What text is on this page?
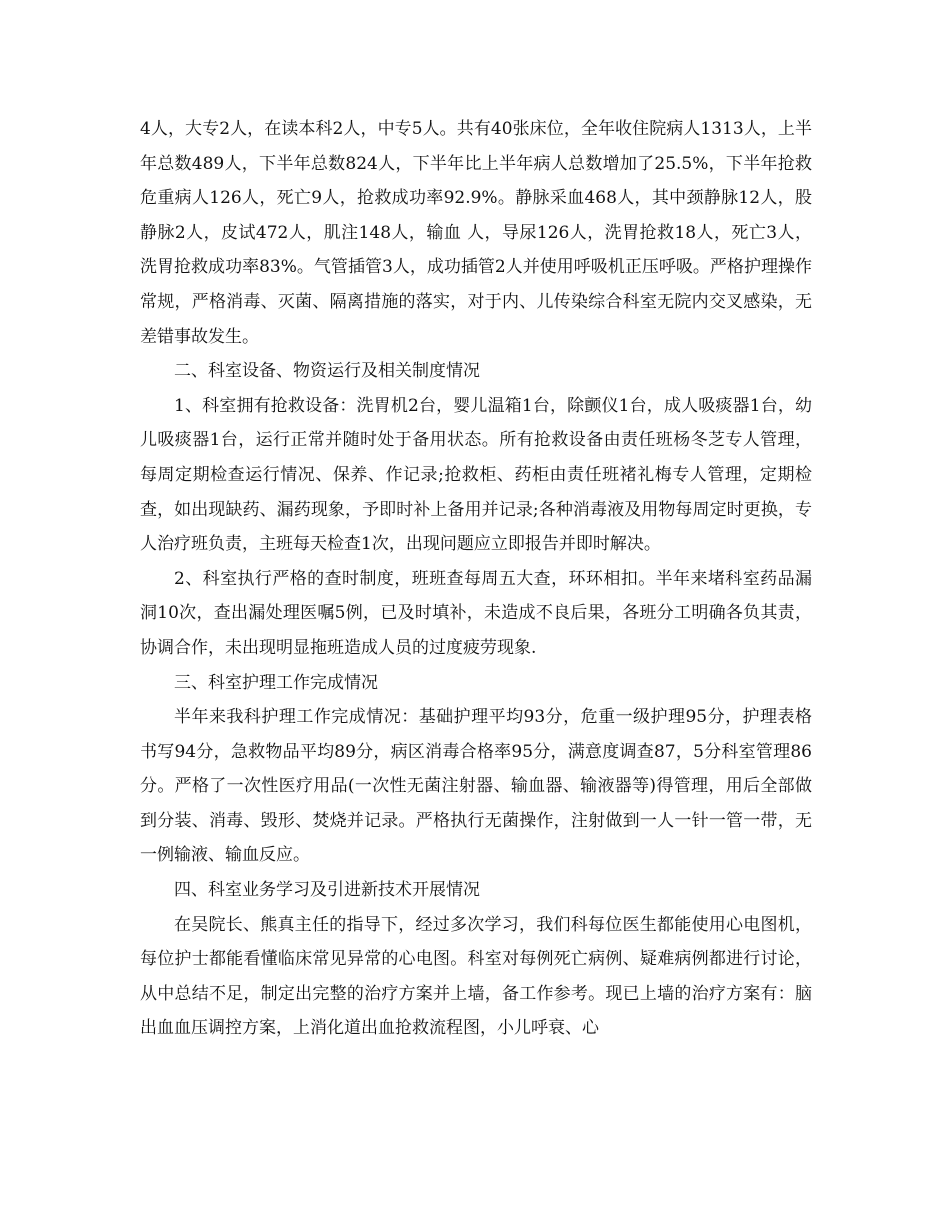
4人，大专2人，在读本科2人，中专5人。共有40张床位，全年收住院病人1313人，上半年总数489人，下半年总数824人，下半年比上半年病人总数增加了25.5%，下半年抢救危重病人126人，死亡9人，抢救成功率92.9%。静脉采血468人，其中颈静脉12人，股静脉2人，皮试472人，肌注148人，输血 人，导尿126人，洗胃抢救18人，死亡3人，洗胃抢救成功率83%。气管插管3人，成功插管2人并使用呼吸机正压呼吸。严格护理操作常规，严格消毒、灭菌、隔离措施的落实，对于内、儿传染综合科室无院内交叉感染，无差错事故发生。

二、科室设备、物资运行及相关制度情况

1、科室拥有抢救设备：洗胃机2台，婴儿温箱1台，除颤仪1台，成人吸痰器1台，幼儿吸痰器1台，运行正常并随时处于备用状态。所有抢救设备由责任班杨冬芝专人管理，每周定期检查运行情况、保养、作记录;抢救柜、药柜由责任班褚礼梅专人管理，定期检查，如出现缺药、漏药现象，予即时补上备用并记录;各种消毒液及用物每周定时更换，专人治疗班负责，主班每天检查1次，出现问题应立即报告并即时解决。

2、科室执行严格的查时制度，班班查每周五大查，环环相扣。半年来堵科室药品漏洞10次，查出漏处理医嘱5例，已及时填补，未造成不良后果，各班分工明确各负其责，协调合作，未出现明显拖班造成人员的过度疲劳现象.

三、科室护理工作完成情况

半年来我科护理工作完成情况：基础护理平均93分，危重一级护理95分，护理表格书写94分，急救物品平均89分，病区消毒合格率95分，满意度调查87，5分科室管理86分。严格了一次性医疗用品(一次性无菌注射器、输血器、输液器等)得管理，用后全部做到分装、消毒、毁形、焚烧并记录。严格执行无菌操作，注射做到一人一针一管一带，无一例输液、输血反应。

四、科室业务学习及引进新技术开展情况

在吴院长、熊真主任的指导下，经过多次学习，我们科每位医生都能使用心电图机，每位护士都能看懂临床常见异常的心电图。科室对每例死亡病例、疑难病例都进行讨论，从中总结不足，制定出完整的治疗方案并上墙，备工作参考。现已上墙的治疗方案有：脑出血血压调控方案，上消化道出血抢救流程图，小儿呼衰、心
